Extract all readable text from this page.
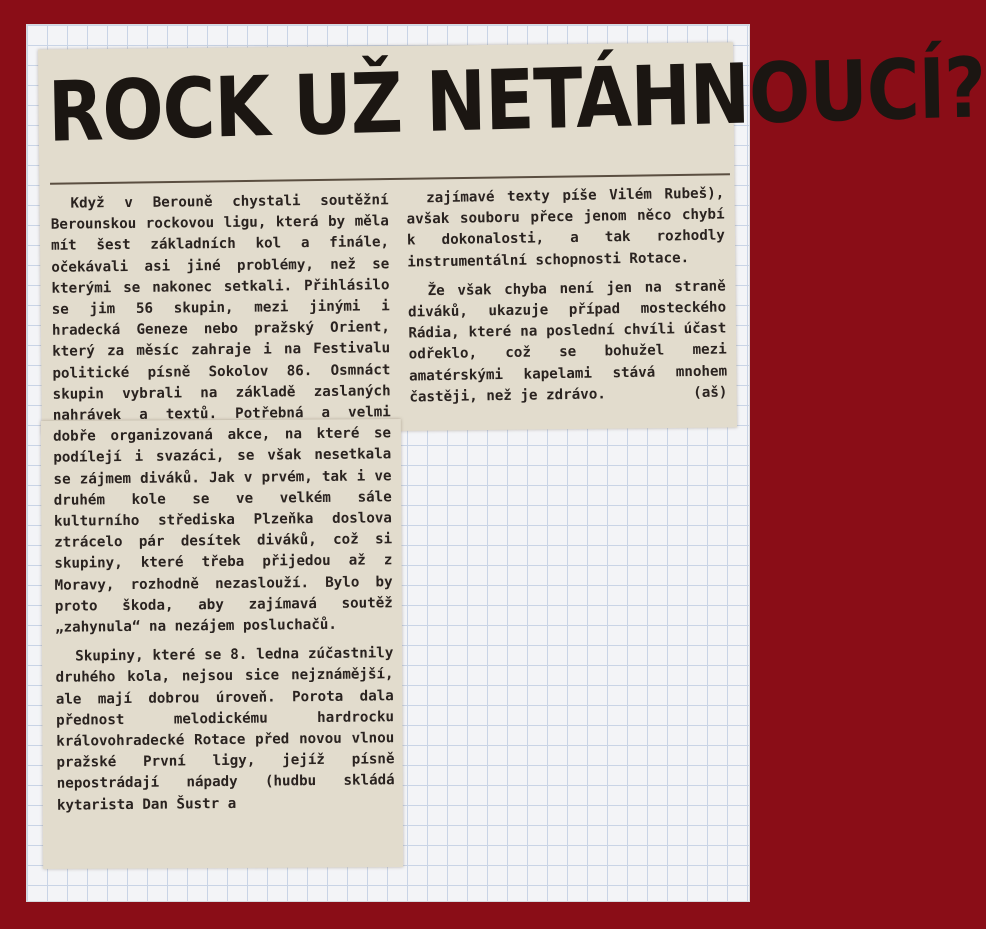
ROCK UŽ NETÁHNOUCÍ?

Když v Berouně chystali soutěžní Berounskou rockovou ligu, která by měla mít šest základních kol a finále, očekávali asi jiné problémy, než se kterými se nakonec setkali. Přihlásilo se jim 56 skupin, mezi jinými i hradecká Geneze nebo pražský Orient, který za měsíc zahraje i na Festivalu politické písně Sokolov 86. Osmnáct skupin vybrali na základě zaslaných nahrávek a textů. Potřebná a velmi dobře organizovaná akce, na které se podílejí i svazáci, se však nesetkala se zájmem diváků. Jak v prvém, tak i ve druhém kole se ve velkém sále kulturního střediska Plzeňka doslova ztrácelo pár desítek diváků, což si skupiny, které třeba přijedou až z Moravy, rozhodně nezaslouží. Bylo by proto škoda, aby zajímavá soutěž „zahynula“ na nezájem posluchačů.

Skupiny, které se 8. ledna zúčastnily druhého kola, nejsou sice nejznámější, ale mají dobrou úroveň. Porota dala přednost melodickému hardrocku královohradecké Rotace před novou vlnou pražské První ligy, jejíž písně nepostrádají nápady (hudbu skládá kytarista Dan Šustr a

zajímavé texty píše Vilém Rubeš), avšak souboru přece jenom něco chybí k dokonalosti, a tak rozhodly instrumentální schopnosti Rotace.

Že však chyba není jen na straně diváků, ukazuje případ mosteckého Rádia, které na poslední chvíli účast odřeklo, což se bohužel mezi amatérskými kapelami stává mnohem častěji, než je zdrávo.	(aš)
